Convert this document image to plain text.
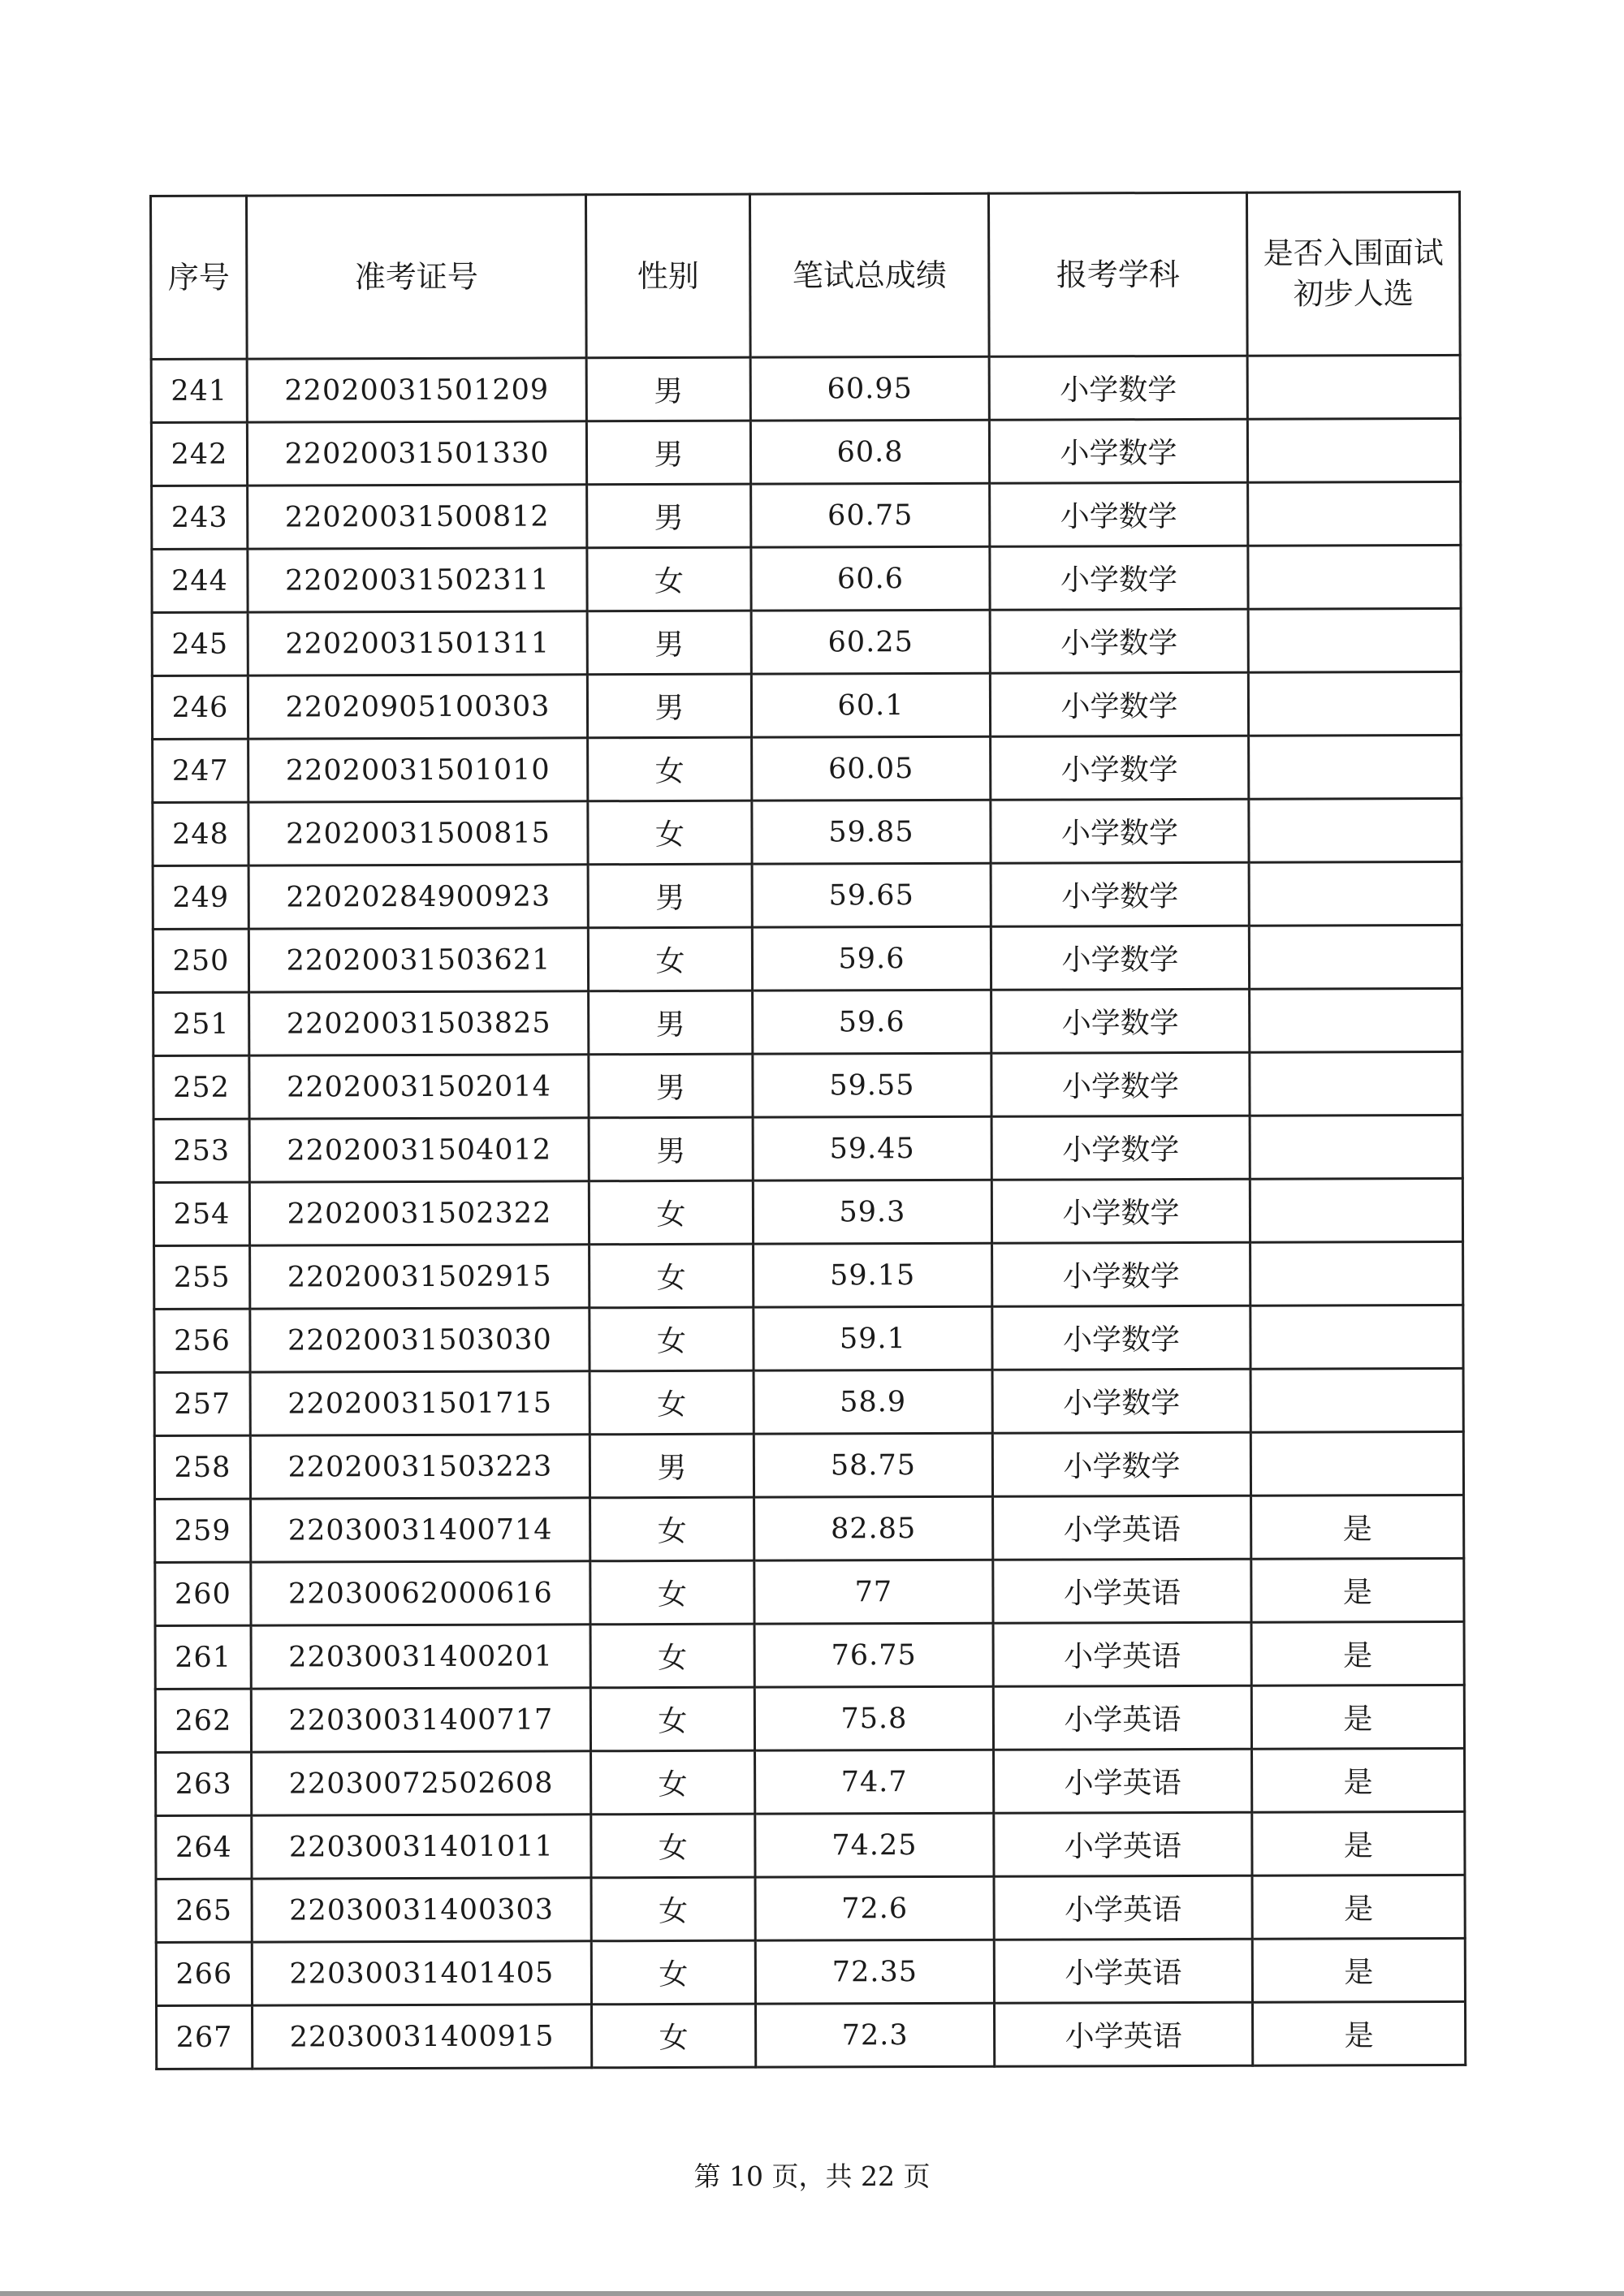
序号	准考证号	性别	笔试总成绩	报考学科	是否入围面试初步人选
241	22020031501209	男	60.95	小学数学	
242	22020031501330	男	60.8	小学数学	
243	22020031500812	男	60.75	小学数学	
244	22020031502311	女	60.6	小学数学	
245	22020031501311	男	60.25	小学数学	
246	22020905100303	男	60.1	小学数学	
247	22020031501010	女	60.05	小学数学	
248	22020031500815	女	59.85	小学数学	
249	22020284900923	男	59.65	小学数学	
250	22020031503621	女	59.6	小学数学	
251	22020031503825	男	59.6	小学数学	
252	22020031502014	男	59.55	小学数学	
253	22020031504012	男	59.45	小学数学	
254	22020031502322	女	59.3	小学数学	
255	22020031502915	女	59.15	小学数学	
256	22020031503030	女	59.1	小学数学	
257	22020031501715	女	58.9	小学数学	
258	22020031503223	男	58.75	小学数学	
259	22030031400714	女	82.85	小学英语	是
260	22030062000616	女	77	小学英语	是
261	22030031400201	女	76.75	小学英语	是
262	22030031400717	女	75.8	小学英语	是
263	22030072502608	女	74.7	小学英语	是
264	22030031401011	女	74.25	小学英语	是
265	22030031400303	女	72.6	小学英语	是
266	22030031401405	女	72.35	小学英语	是
267	22030031400915	女	72.3	小学英语	是
第 10 页，共 22 页
